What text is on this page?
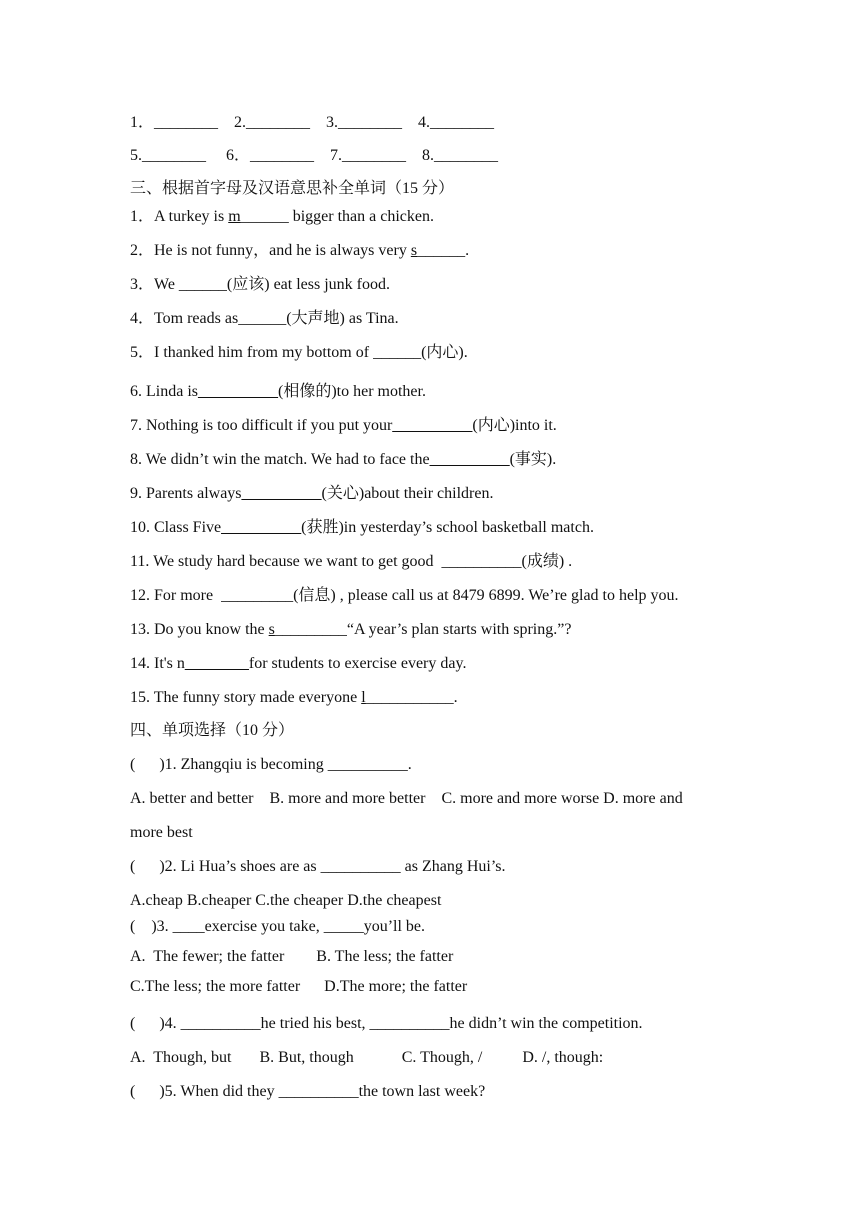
1．________    2.________    3.________    4.________
5.________     6．________    7.________    8.________
三、根据首字母及汉语意思补全单词（15 分）
1．A turkey is m______ bigger than a chicken.
2．He is not funny，and he is always very s______.
3．We ______(应该) eat less junk food.
4．Tom reads as______(大声地) as Tina.
5．I thanked him from my bottom of ______(内心).
6. Linda is__________(相像的)to her mother.
7. Nothing is too difficult if you put your__________(内心)into it.
8. We didn’t win the match. We had to face the__________(事实).
9. Parents always__________(关心)about their children.
10. Class Five__________(获胜)in yesterday’s school basketball match.
11. We study hard because we want to get good  __________(成绩) .
12. For more  _________(信息) , please call us at 8479 6899. We’re glad to help you.
13. Do you know the s_________“A year’s plan starts with spring.”?
14. It's n________for students to exercise every day.
15. The funny story made everyone l___________.
四、单项选择（10 分）
(      )1. Zhangqiu is becoming __________.
A. better and better    B. more and more better    C. more and more worse D. more and
more best
(      )2. Li Hua’s shoes are as __________ as Zhang Hui’s.
A.cheap B.cheaper C.the cheaper D.the cheapest
(    )3. ____exercise you take, _____you’ll be.
A.  The fewer; the fatter        B. The less; the fatter
C.The less; the more fatter      D.The more; the fatter
(      )4. __________he tried his best, __________he didn’t win the competition.
A.  Though, but       B. But, though            C. Though, /          D. /, though:
(      )5. When did they __________the town last week?
